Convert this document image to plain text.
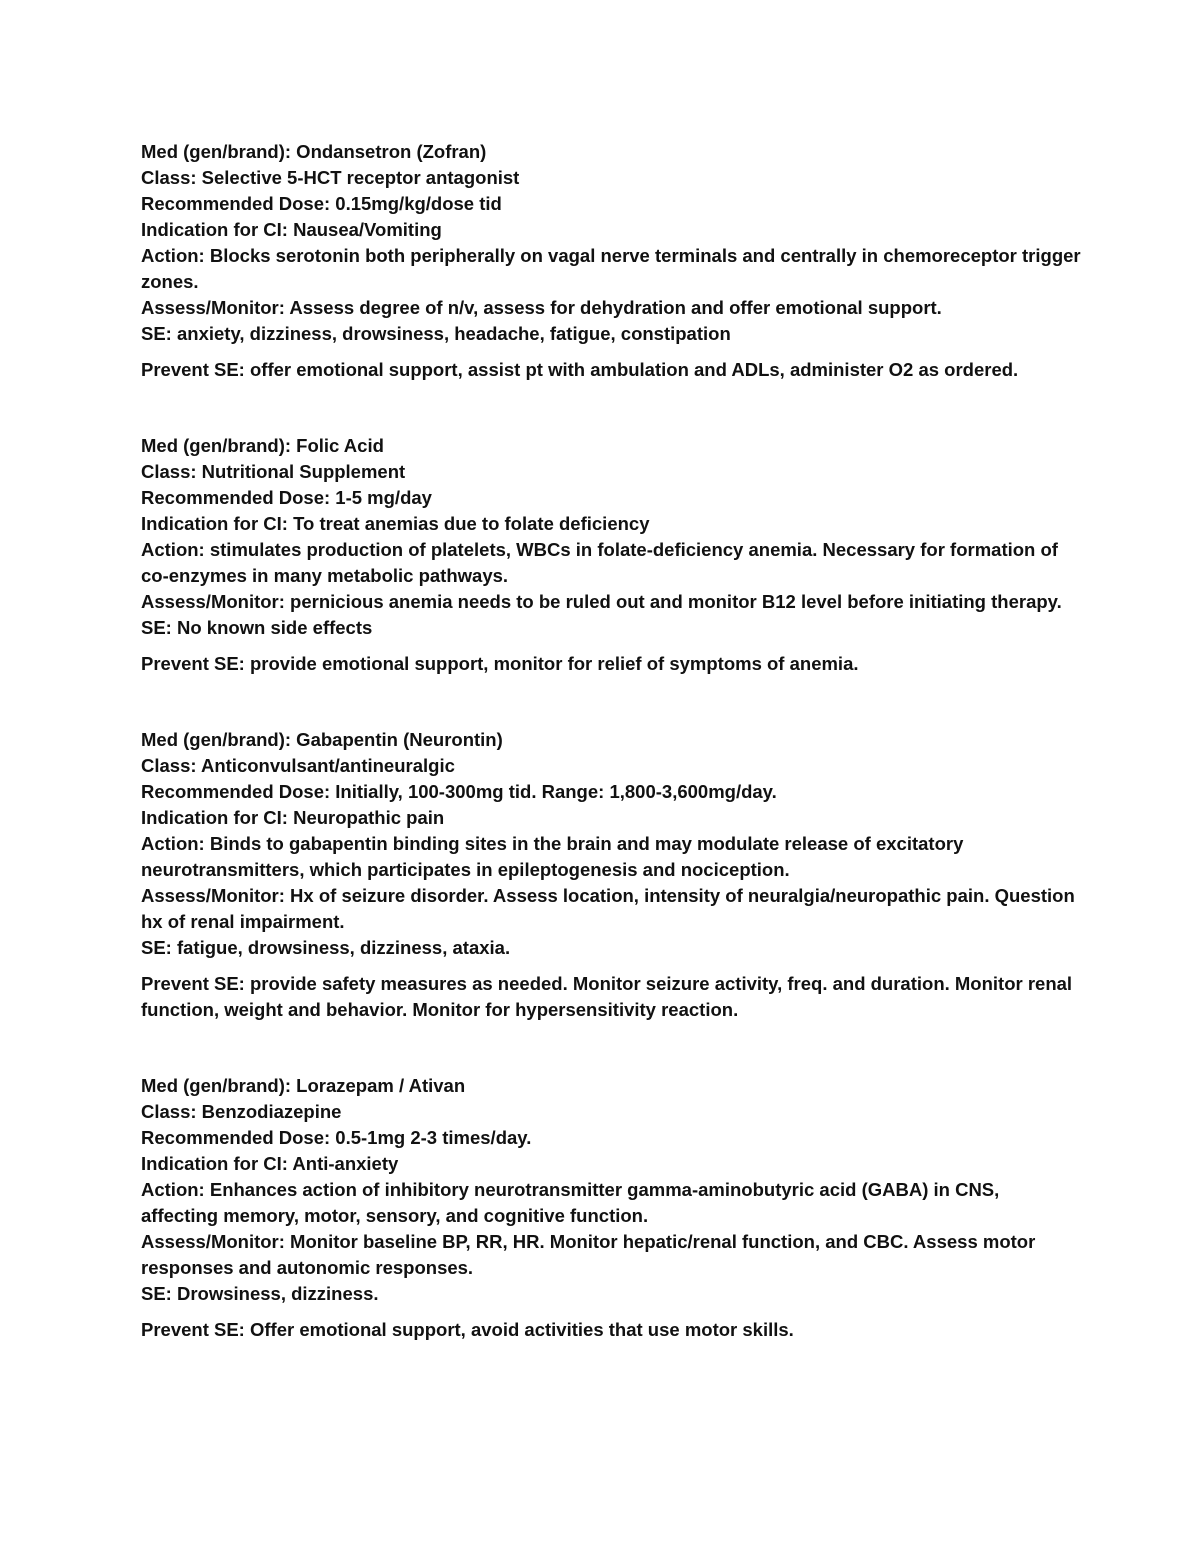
Med (gen/brand): Ondansetron (Zofran)
Class: Selective 5-HCT receptor antagonist
Recommended Dose: 0.15mg/kg/dose tid
Indication for CI: Nausea/Vomiting
Action: Blocks serotonin both peripherally on vagal nerve terminals and centrally in chemoreceptor trigger zones.
Assess/Monitor: Assess degree of n/v, assess for dehydration and offer emotional support.
SE: anxiety, dizziness, drowsiness, headache, fatigue, constipation
Prevent SE: offer emotional support, assist pt with ambulation and ADLs, administer O2 as ordered.
Med (gen/brand): Folic Acid
Class: Nutritional Supplement
Recommended Dose: 1-5 mg/day
Indication for CI: To treat anemias due to folate deficiency
Action: stimulates production of platelets, WBCs in folate-deficiency anemia. Necessary for formation of co-enzymes in many metabolic pathways.
Assess/Monitor: pernicious anemia needs to be ruled out and monitor B12 level before initiating therapy.
SE: No known side effects
Prevent SE: provide emotional support, monitor for relief of symptoms of anemia.
Med (gen/brand): Gabapentin (Neurontin)
Class: Anticonvulsant/antineuralgic
Recommended Dose: Initially, 100-300mg tid. Range: 1,800-3,600mg/day.
Indication for CI: Neuropathic pain
Action: Binds to gabapentin binding sites in the brain and may modulate release of excitatory neurotransmitters, which participates in epileptogenesis and nociception.
Assess/Monitor: Hx of seizure disorder. Assess location, intensity of neuralgia/neuropathic pain. Question hx of renal impairment.
SE: fatigue, drowsiness, dizziness, ataxia.
Prevent SE: provide safety measures as needed. Monitor seizure activity, freq. and duration. Monitor renal function, weight and behavior. Monitor for hypersensitivity reaction.
Med (gen/brand): Lorazepam / Ativan
Class: Benzodiazepine
Recommended Dose: 0.5-1mg 2-3 times/day.
Indication for CI: Anti-anxiety
Action: Enhances action of inhibitory neurotransmitter gamma-aminobutyric acid (GABA) in CNS, affecting memory, motor, sensory, and cognitive function.
Assess/Monitor: Monitor baseline BP, RR, HR. Monitor hepatic/renal function, and CBC. Assess motor responses and autonomic responses.
SE: Drowsiness, dizziness.
Prevent SE: Offer emotional support, avoid activities that use motor skills.
